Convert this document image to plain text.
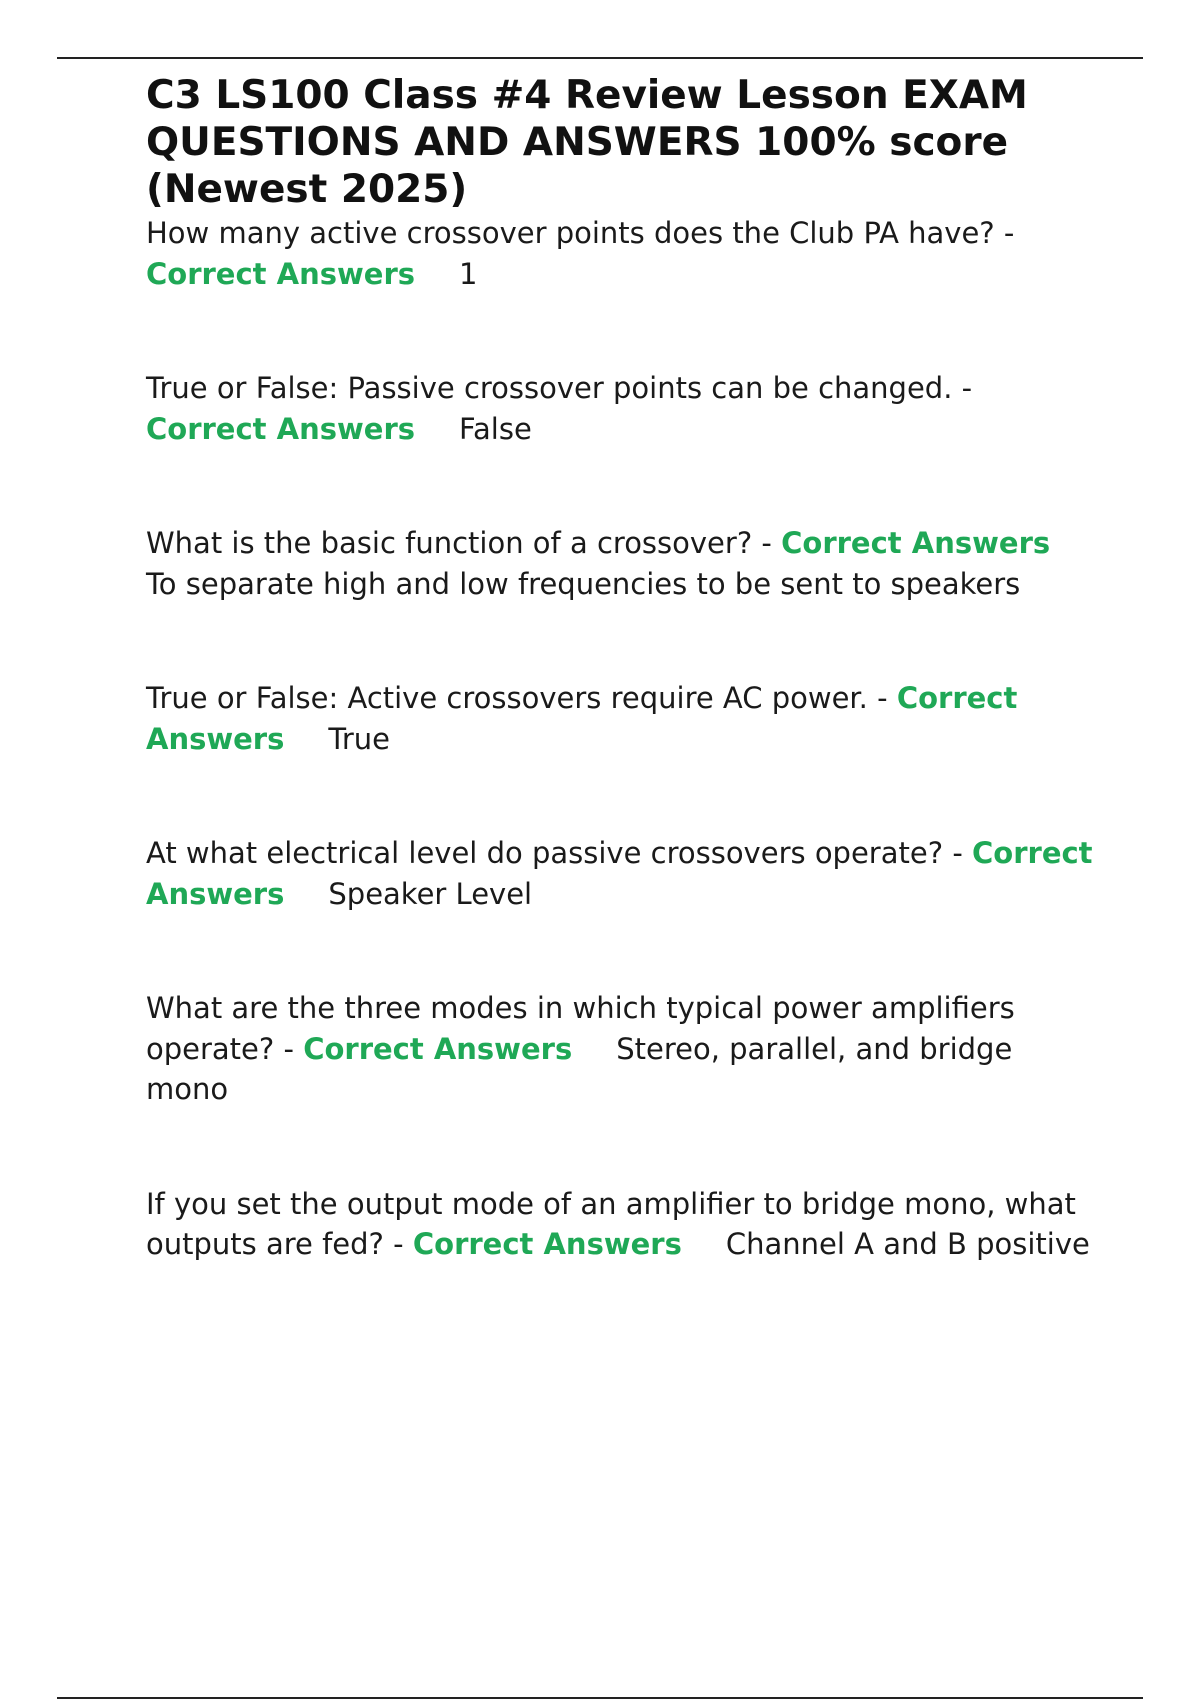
C3 LS100 Class #4 Review Lesson EXAM QUESTIONS AND ANSWERS 100% score (Newest 2025)

How many active crossover points does the Club PA have? - Correct Answers 1

True or False: Passive crossover points can be changed. - Correct Answers False

What is the basic function of a crossover? - Correct AnswersTo separate high and low frequencies to be sent to speakers

True or False: Active crossovers require AC power. - Correct Answers True

At what electrical level do passive crossovers operate? - Correct Answers Speaker Level

What are the three modes in which typical power amplifiers operate? - Correct Answers Stereo, parallel, and bridge mono

If you set the output mode of an amplifier to bridge mono, what outputs are fed? - Correct Answers Channel A and B positive
